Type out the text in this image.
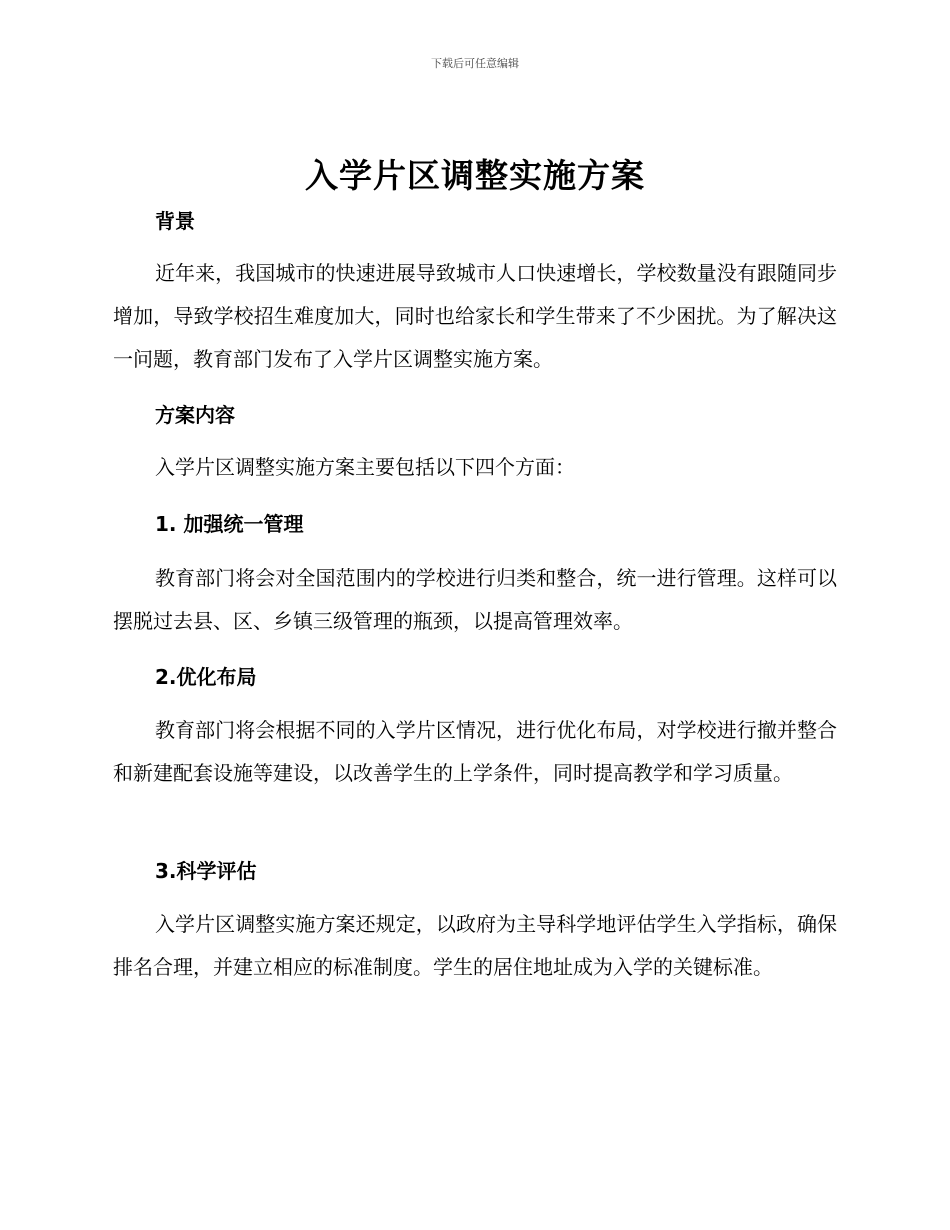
下载后可任意编辑
入学片区调整实施方案
背景
近年来，我国城市的快速进展导致城市人口快速增长，学校数量没有跟随同步增加，导致学校招生难度加大，同时也给家长和学生带来了不少困扰。为了解决这一问题，教育部门发布了入学片区调整实施方案。
方案内容
入学片区调整实施方案主要包括以下四个方面：
1. 加强统一管理
教育部门将会对全国范围内的学校进行归类和整合，统一进行管理。这样可以摆脱过去县、区、乡镇三级管理的瓶颈，以提高管理效率。
2.优化布局
教育部门将会根据不同的入学片区情况，进行优化布局，对学校进行撤并整合和新建配套设施等建设，以改善学生的上学条件，同时提高教学和学习质量。
3.科学评估
入学片区调整实施方案还规定，以政府为主导科学地评估学生入学指标，确保排名合理，并建立相应的标准制度。学生的居住地址成为入学的关键标准。
